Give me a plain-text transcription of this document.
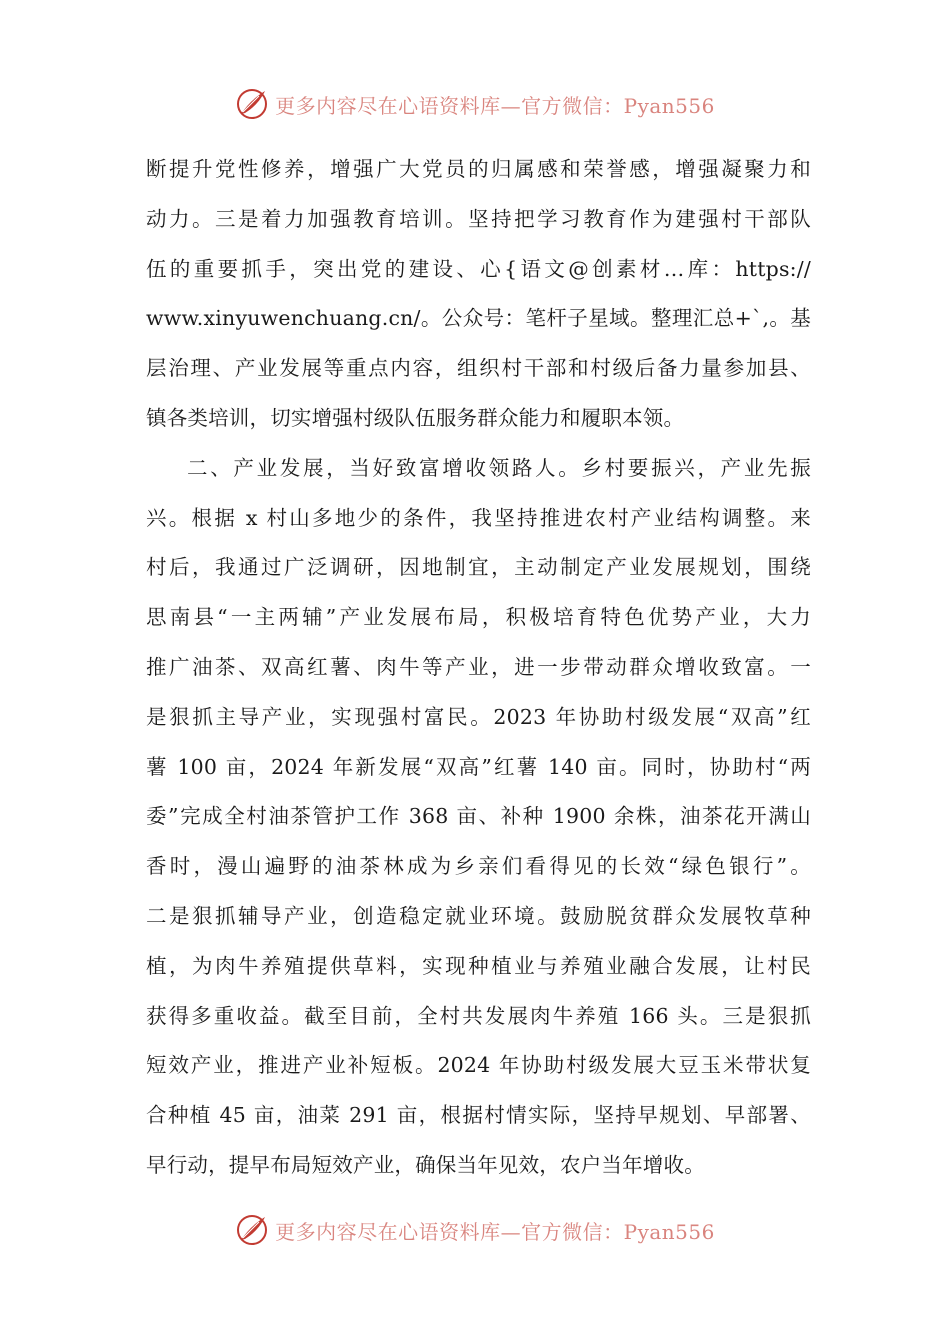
更多内容尽在心语资料库—官方微信：Pyan556
断提升党性修养，增强广大党员的归属感和荣誉感，增强凝聚力和
动力。三是着力加强教育培训。坚持把学习教育作为建强村干部队
伍的重要抓手，突出党的建设、心{语文@创素材…库：https://
www.xinyuwenchuang.cn/。公众号：笔杆子星域。整理汇总+`,。基
层治理、产业发展等重点内容，组织村干部和村级后备力量参加县、
镇各类培训，切实增强村级队伍服务群众能力和履职本领。
二、产业发展，当好致富增收领路人。乡村要振兴，产业先振
兴。根据 x 村山多地少的条件，我坚持推进农村产业结构调整。来
村后，我通过广泛调研，因地制宜，主动制定产业发展规划，围绕
思南县“一主两辅”产业发展布局，积极培育特色优势产业，大力
推广油茶、双高红薯、肉牛等产业，进一步带动群众增收致富。一
是狠抓主导产业，实现强村富民。2023 年协助村级发展“双高”红
薯 100 亩，2024 年新发展“双高”红薯 140 亩。同时，协助村“两
委”完成全村油茶管护工作 368 亩、补种 1900 余株，油茶花开满山
香时，漫山遍野的油茶林成为乡亲们看得见的长效“绿色银行”。
二是狠抓辅导产业，创造稳定就业环境。鼓励脱贫群众发展牧草种
植，为肉牛养殖提供草料，实现种植业与养殖业融合发展，让村民
获得多重收益。截至目前，全村共发展肉牛养殖 166 头。三是狠抓
短效产业，推进产业补短板。2024 年协助村级发展大豆玉米带状复
合种植 45 亩，油菜 291 亩，根据村情实际，坚持早规划、早部署、
早行动，提早布局短效产业，确保当年见效，农户当年增收。
更多内容尽在心语资料库—官方微信：Pyan556
